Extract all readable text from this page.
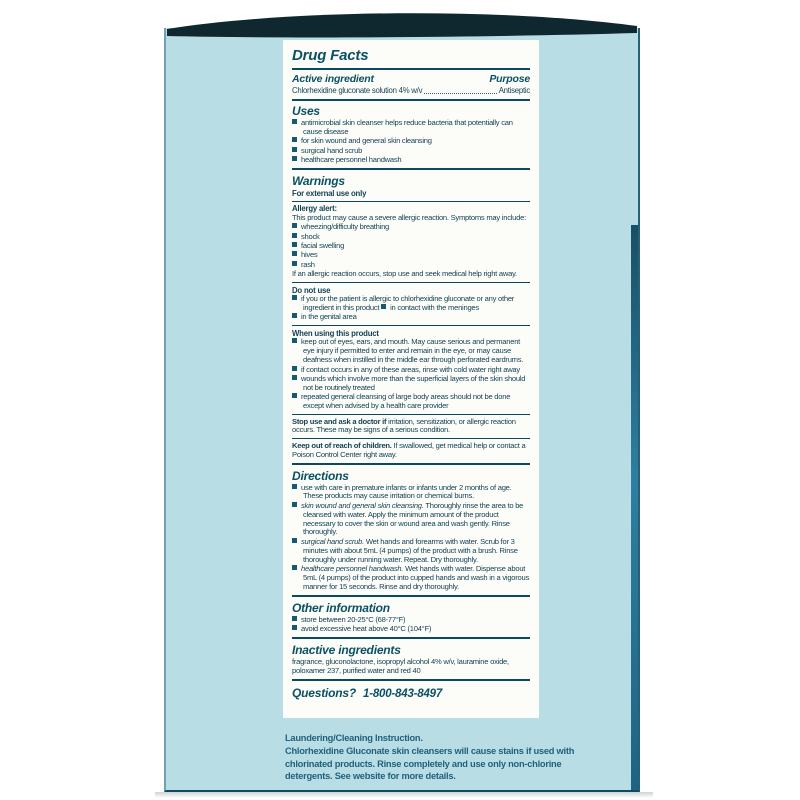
Drug Facts
Active ingredient	Purpose
Chlorhexidine gluconate solution 4% w/v	Antiseptic
Uses
antimicrobial skin cleanser helps reduce bacteria that potentially can cause disease
for skin wound and general skin cleansing
surgical hand scrub
healthcare personnel handwash
Warnings
For external use only
Allergy alert:
This product may cause a severe allergic reaction. Symptoms may include:
wheezing/difficulty breathing
shock
facial swelling
hives
rash
If an allergic reaction occurs, stop use and seek medical help right away.
Do not use
if you or the patient is allergic to chlorhexidine gluconate or any other ingredient in this product in contact with the meninges
in the genital area
When using this product
keep out of eyes, ears, and mouth. May cause serious and permanent eye injury if permitted to enter and remain in the eye, or may cause deafness when instilled in the middle ear through perforated eardrums.
if contact occurs in any of these areas, rinse with cold water right away
wounds which involve more than the superficial layers of the skin should not be routinely treated
repeated general cleansing of large body areas should not be done except when advised by a health care provider
Stop use and ask a doctor if irritation, sensitization, or allergic reaction occurs. These may be signs of a serious condition.
Keep out of reach of children. If swallowed, get medical help or contact a Poison Control Center right away.
Directions
use with care in premature infants or infants under 2 months of age. These products may cause irritation or chemical burns.
skin wound and general skin cleansing. Thoroughly rinse the area to be cleansed with water. Apply the minimum amount of the product necessary to cover the skin or wound area and wash gently. Rinse thoroughly.
surgical hand scrub. Wet hands and forearms with water. Scrub for 3 minutes with about 5mL (4 pumps) of the product with a brush. Rinse thoroughly under running water. Repeat. Dry thoroughly.
healthcare personnel handwash. Wet hands with water. Dispense about 5mL (4 pumps) of the product into cupped hands and wash in a vigorous manner for 15 seconds. Rinse and dry thoroughly.
Other information
store between 20-25°C (68-77°F)
avoid excessive heat above 40°C (104°F)
Inactive ingredients
fragrance, gluconolactone, isopropyl alcohol 4% w/v, lauramine oxide, poloxamer 237, purified water and red 40
Questions? 1-800-843-8497
Laundering/Cleaning Instruction.
Chlorhexidine Gluconate skin cleansers will cause stains if used with chlorinated products. Rinse completely and use only non-chlorine detergents. See website for more details.
